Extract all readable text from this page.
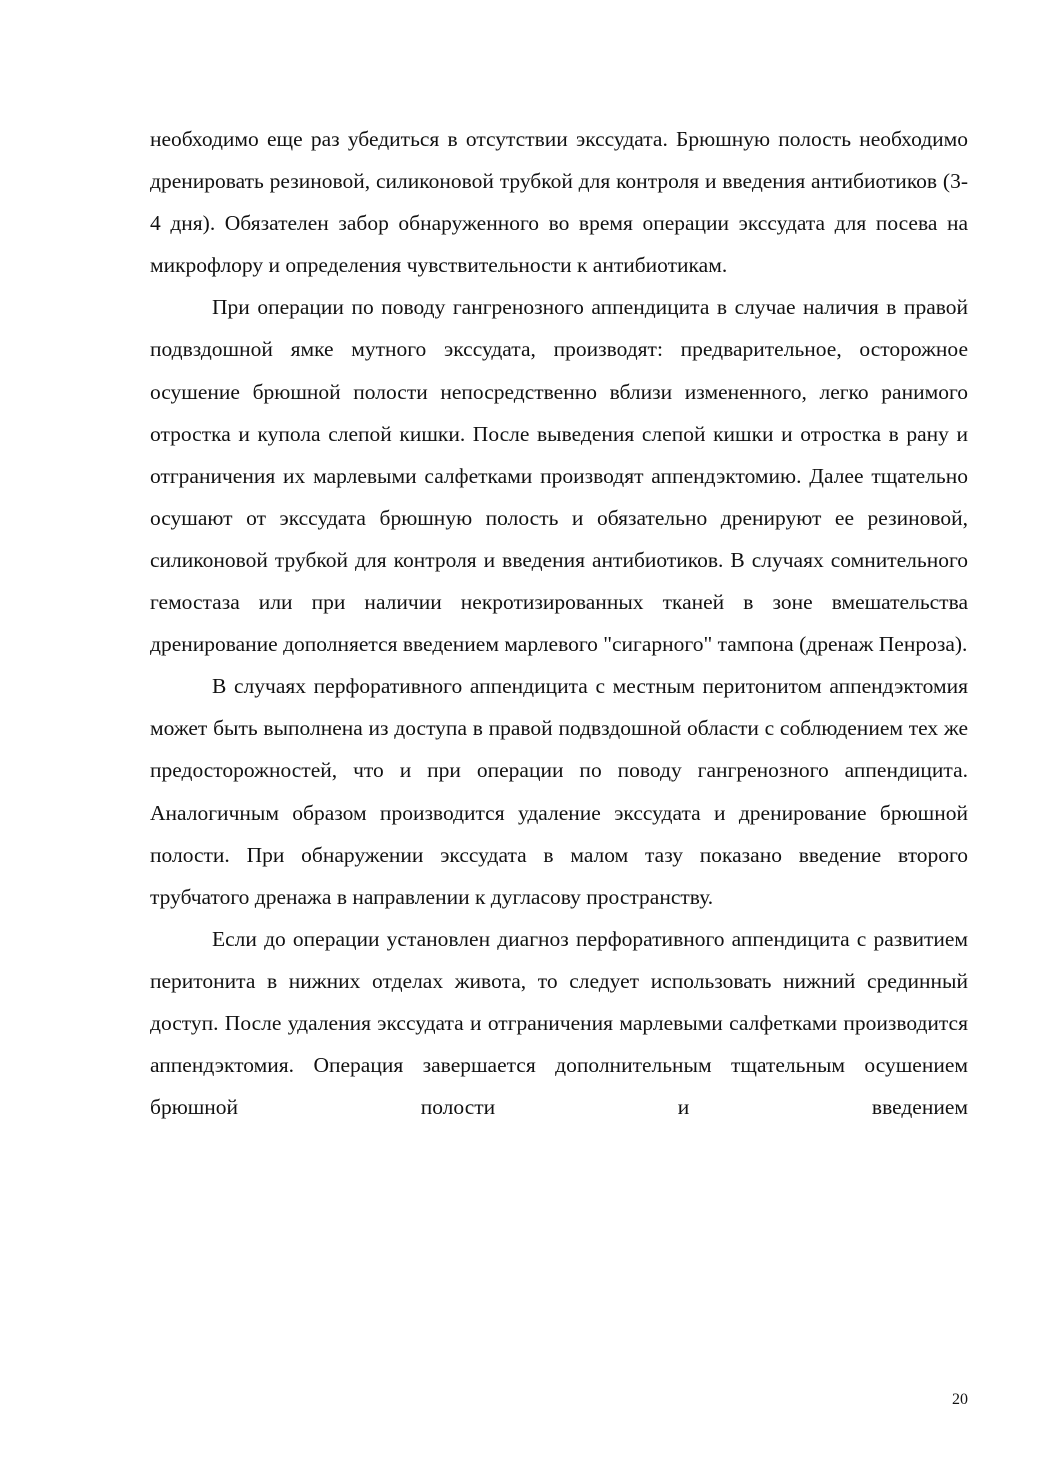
необходимо еще раз убедиться в отсутствии экссудата. Брюшную полость необходимо дренировать резиновой, силиконовой трубкой для контроля и введения антибиотиков (3-4 дня). Обязателен забор обнаруженного во время операции экссудата для посева на микрофлору и определения чувствительности к антибиотикам.

При операции по поводу гангренозного аппендицита в случае наличия в правой подвздошной ямке мутного экссудата, производят: предварительное, осторожное осушение брюшной полости непосредственно вблизи измененного, легко ранимого отростка и купола слепой кишки. После выведения слепой кишки и отростка в рану и отграничения их марлевыми салфетками производят аппендэктомию. Далее тщательно осушают от экссудата брюшную полость и обязательно дренируют ее резиновой, силиконовой трубкой для контроля и введения антибиотиков. В случаях сомнительного гемостаза или при наличии некротизированных тканей в зоне вмешательства дренирование дополняется введением марлевого "сигарного" тампона (дренаж Пенроза).

В случаях перфоративного аппендицита с местным перитонитом аппендэктомия может быть выполнена из доступа в правой подвздошной области с соблюдением тех же предосторожностей, что и при операции по поводу гангренозного аппендицита. Аналогичным образом производится удаление экссудата и дренирование брюшной полости. При обнаружении экссудата в малом тазу показано введение второго трубчатого дренажа в направлении к дугласову пространству.

Если до операции установлен диагноз перфоративного аппендицита с развитием перитонита в нижних отделах живота, то следует использовать нижний срединный доступ. После удаления экссудата и отграничения марлевыми салфетками производится аппендэктомия. Операция завершается дополнительным тщательным осушением брюшной полости и введением

20
